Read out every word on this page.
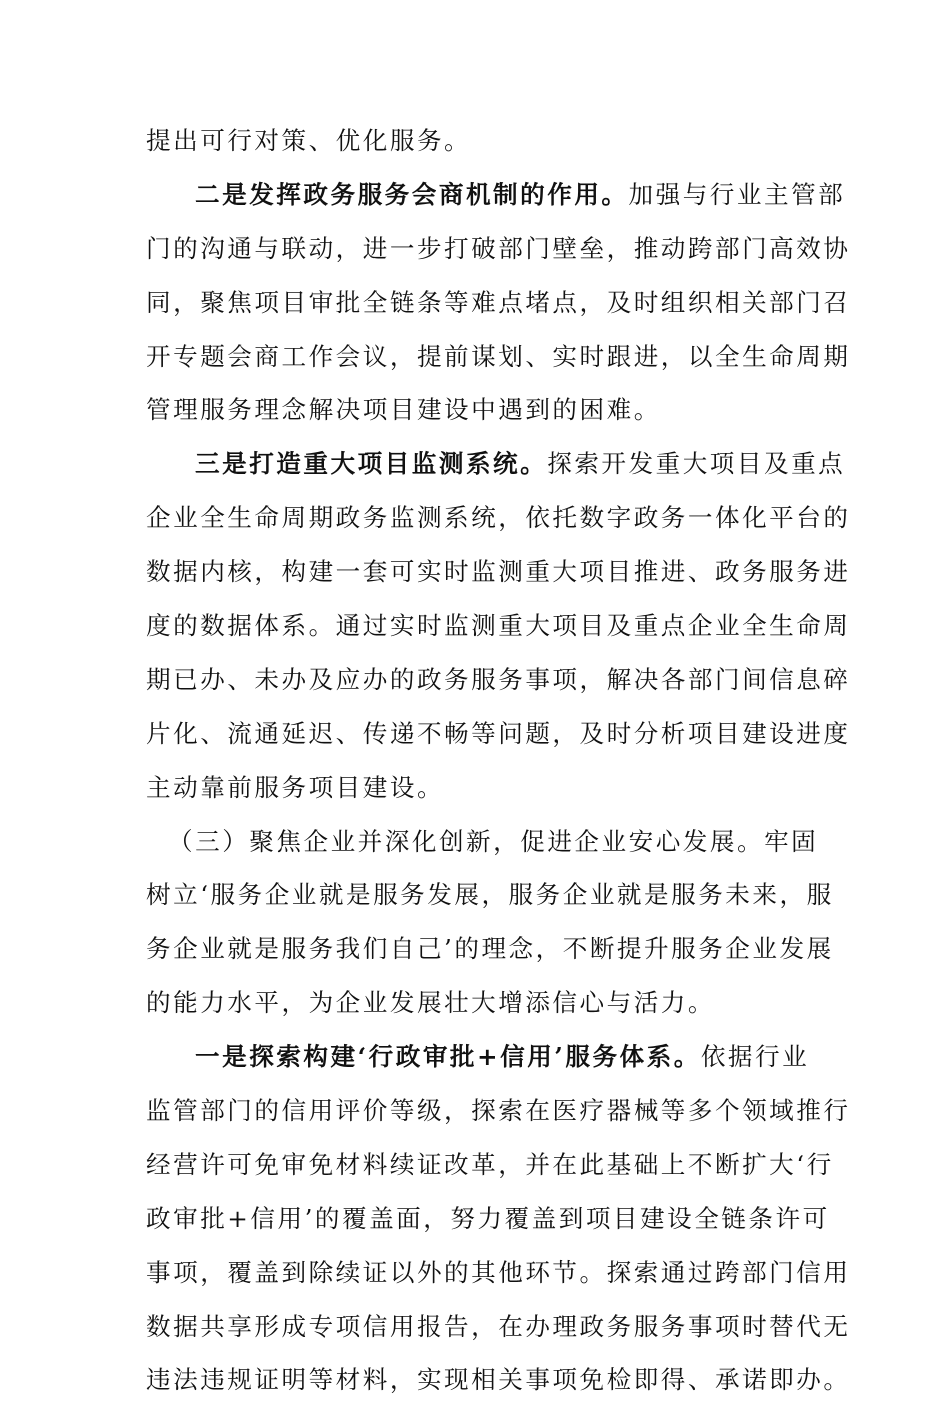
提出可行对策、优化服务。

二是发挥政务服务会商机制的作用。加强与行业主管部
门的沟通与联动，进一步打破部门壁垒，推动跨部门高效协
同，聚焦项目审批全链条等难点堵点，及时组织相关部门召
开专题会商工作会议，提前谋划、实时跟进，以全生命周期
管理服务理念解决项目建设中遇到的困难。

三是打造重大项目监测系统。探索开发重大项目及重点
企业全生命周期政务监测系统，依托数字政务一体化平台的
数据内核，构建一套可实时监测重大项目推进、政务服务进
度的数据体系。通过实时监测重大项目及重点企业全生命周
期已办、未办及应办的政务服务事项，解决各部门间信息碎
片化、流通延迟、传递不畅等问题，及时分析项目建设进度
主动靠前服务项目建设。

（三）聚焦企业并深化创新，促进企业安心发展。牢固
树立‘服务企业就是服务发展，服务企业就是服务未来，服
务企业就是服务我们自己’的理念，不断提升服务企业发展
的能力水平，为企业发展壮大增添信心与活力。

一是探索构建‘行政审批+信用’服务体系。依据行业
监管部门的信用评价等级，探索在医疗器械等多个领域推行
经营许可免审免材料续证改革，并在此基础上不断扩大‘行
政审批+信用’的覆盖面，努力覆盖到项目建设全链条许可
事项，覆盖到除续证以外的其他环节。探索通过跨部门信用
数据共享形成专项信用报告，在办理政务服务事项时替代无
违法违规证明等材料，实现相关事项免检即得、承诺即办。
